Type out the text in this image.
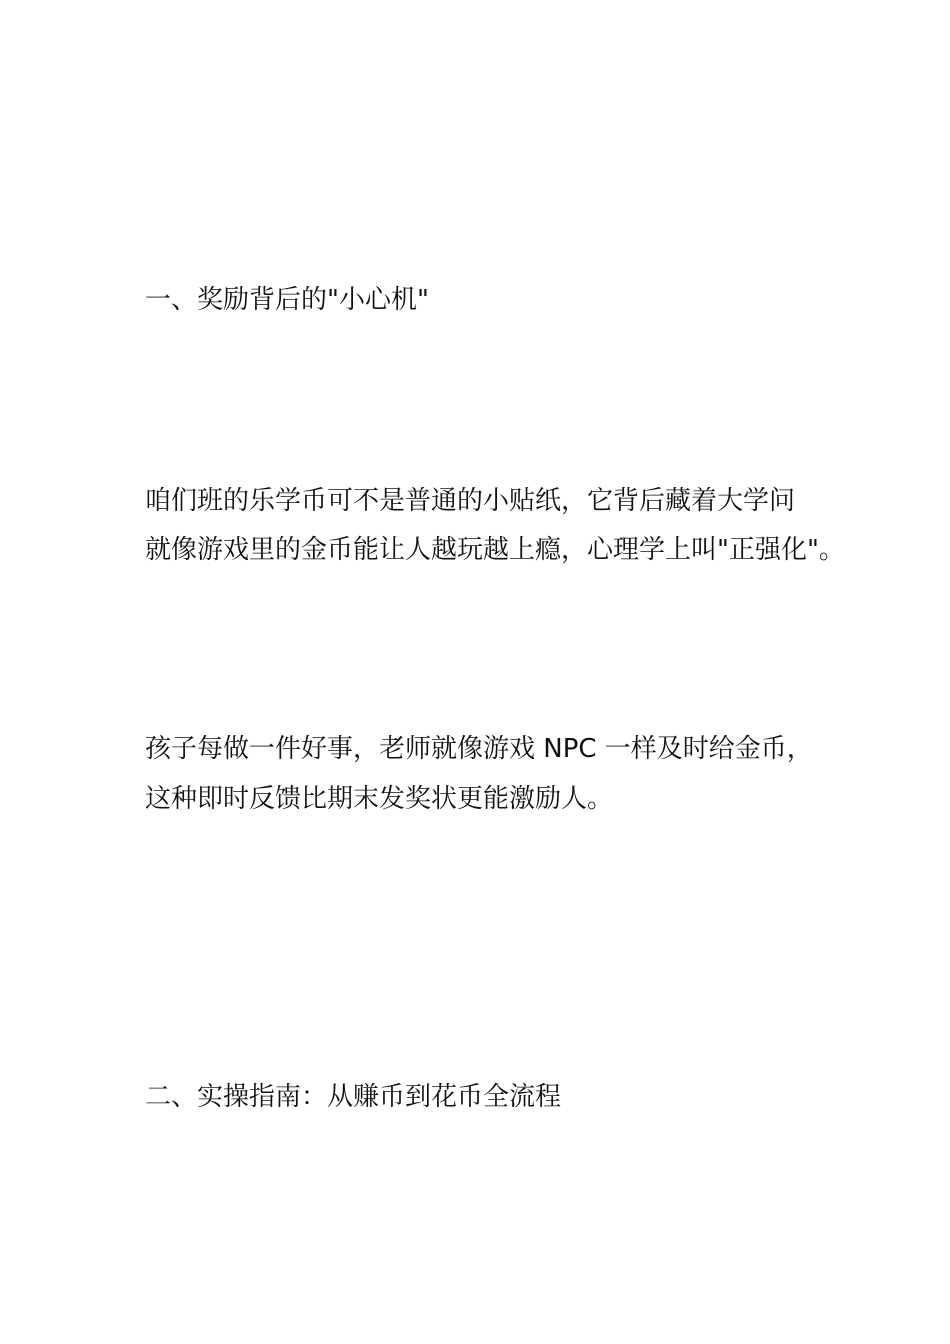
一、奖励背后的"小心机"

咱们班的乐学币可不是普通的小贴纸，它背后藏着大学问

就像游戏里的金币能让人越玩越上瘾，心理学上叫"正强化"。

孩子每做一件好事，老师就像游戏 NPC 一样及时给金币，

这种即时反馈比期末发奖状更能激励人。

二、实操指南：从赚币到花币全流程
